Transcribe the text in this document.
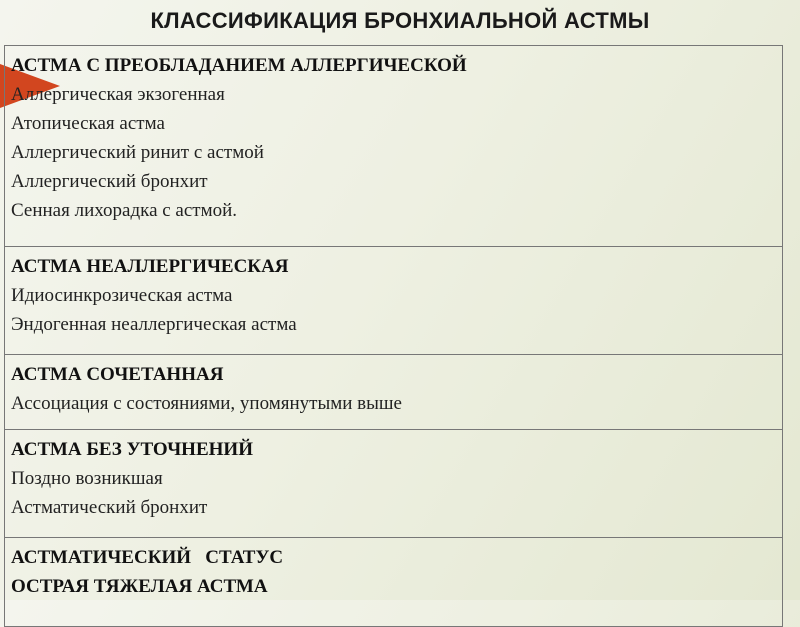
КЛАССИФИКАЦИЯ БРОНХИАЛЬНОЙ АСТМЫ
АСТМА С ПРЕОБЛАДАНИЕМ АЛЛЕРГИЧЕСКОЙ
Аллергическая экзогенная
Атопическая астма
Аллергический ринит с астмой
Аллергический бронхит
Сенная лихорадка с астмой.

АСТМА НЕАЛЛЕРГИЧЕСКАЯ
Идиосинкрозическая астма
Эндогенная неаллергическая астма

АСТМА СОЧЕТАННАЯ
Ассоциация с состояниями, упомянутыми выше

АСТМА БЕЗ УТОЧНЕНИЙ
Поздно возникшая
Астматический бронхит

АСТМАТИЧЕСКИЙ   СТАТУС
ОСТРАЯ ТЯЖЕЛАЯ АСТМА
